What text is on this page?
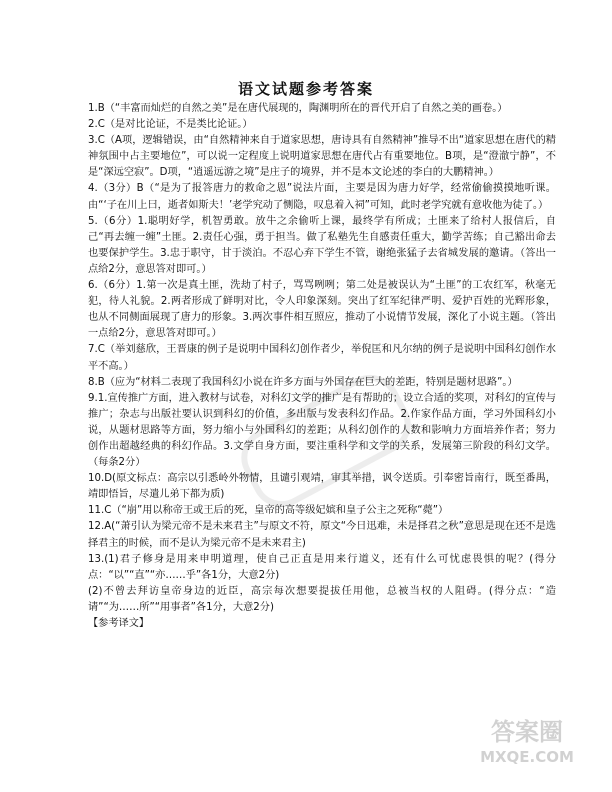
语文试题参考答案

1.B（“丰富而灿烂的自然之美”是在唐代展现的，陶渊明所在的晋代开启了自然之美的画卷。）

2.C（是对比论证，不是类比论证。）

3.C（A项，逻辑错误，由“自然精神来自于道家思想，唐诗具有自然精神”推导不出“道家思想在唐代的精神氛围中占主要地位”，可以说一定程度上说明道家思想在唐代占有重要地位。B项，是“澄澈宁静”，不是“深远空寂”。D项，“逍遥远游之境”是庄子的境界，并不是本文论述的李白的大鹏精神。）

4.（3分）B（“是为了报答唐力的救命之恩”说法片面，主要是因为唐力好学，经常偷偷摸摸地听课。由“‘子在川上曰，逝者如斯夫！’老学究动了恻隐，叹息着入祠”可知，此时老学究就有意收他为徒了。）

5.（6分）1.聪明好学，机智勇敢。放牛之余偷听上课，最终学有所成；土匪来了给村人报信后，自己“再去缠一缠”土匪。2.责任心强，勇于担当。做了私塾先生自感责任重大，勤学苦练；自己豁出命去也要保护学生。3.忠于职守，甘于淡泊。不忍心弃下学生不管，谢绝张猛子去省城发展的邀请。（答出一点给2分，意思答对即可。）

6.（6分）1.第一次是真土匪，洗劫了村子，骂骂咧咧；第二处是被误认为“土匪”的工农红军，秋毫无犯，待人礼貌。2.两者形成了鲜明对比，令人印象深刻。突出了红军纪律严明、爱护百姓的光辉形象，也从不同侧面展现了唐力的形象。3.两次事件相互照应，推动了小说情节发展，深化了小说主题。（答出一点给2分，意思答对即可。）

7.C（举刘慈欣，王晋康的例子是说明中国科幻创作者少，举倪匡和凡尔纳的例子是说明中国科幻创作水平不高。）

8.B（应为“材料二表现了我国科幻小说在许多方面与外国存在巨大的差距，特别是题材思路”。）

9.1.宣传推广方面，进入教材与试卷，对科幻文学的推广是有帮助的；设立合适的奖项，对科幻的宣传与推广；杂志与出版社要认识到科幻的价值，多出版与发表科幻作品。2.作家作品方面，学习外国科幻小说，从题材思路等方面，努力缩小与外国科幻的差距；从科幻创作的人数和影响力方面培养作者；努力创作出超越经典的科幻作品。3.文学自身方面，要注重科学和文学的关系，发展第三阶段的科幻文学。（每条2分）

10.D(原文标点：高宗以引悉岭外物情，且谴引观靖，审其举措，讽令送质。引奉密旨南行，既至番禺，靖即悟旨，尽遣儿弟下都为质)

11.C（“崩”用以称帝王或王后的死，皇帝的高等级妃嫔和皇子公主之死称“薨”）

12.A(“萧引认为梁元帝不是未来君主”与原文不符，原文“今日迅难，未是择君之秋”意思是现在还不是选择君主的时候，而不是认为梁元帝不是未来君主)

13.(1)君子修身是用来申明道理，使自己正直是用来行道义，还有什么可忧虑畏惧的呢？(得分点：“以”“直”“亦……乎”各1分，大意2分)

(2)不曾去拜访皇帝身边的近臣，高宗每次想要提拔任用他，总被当权的人阻碍。(得分点：“造请”“为……所”“用事者”各1分，大意2分)

【参考译文】

答案圈
MXQE.COM
